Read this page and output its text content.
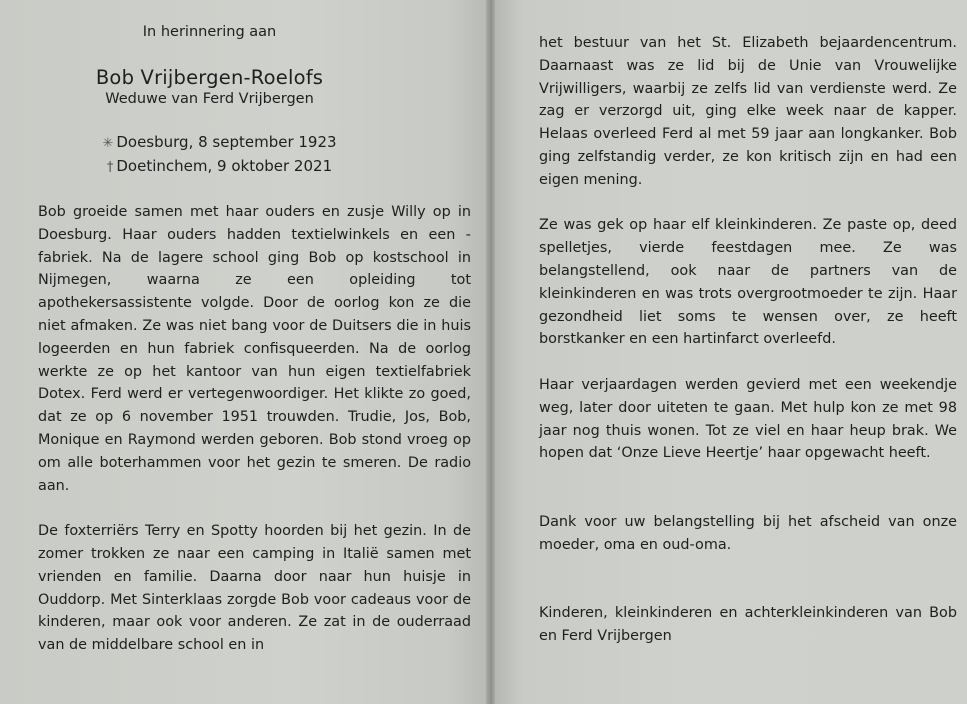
In herinnering aan
Bob Vrijbergen-Roelofs
Weduwe van Ferd Vrijbergen
✳ Doesburg, 8 september 1923
† Doetinchem, 9 oktober 2021

Bob groeide samen met haar ouders en zusje Willy op in Doesburg. Haar ouders hadden textielwinkels en een -fabriek. Na de lagere school ging Bob op kostschool in Nijmegen, waarna ze een opleiding tot apothekersassistente volgde. Door de oorlog kon ze die niet afmaken. Ze was niet bang voor de Duitsers die in huis logeerden en hun fabriek confisqueerden. Na de oorlog werkte ze op het kantoor van hun eigen textielfabriek Dotex. Ferd werd er vertegenwoordiger. Het klikte zo goed, dat ze op 6 november 1951 trouwden. Trudie, Jos, Bob, Monique en Raymond werden geboren. Bob stond vroeg op om alle boterhammen voor het gezin te smeren. De radio aan.

De foxterriërs Terry en Spotty hoorden bij het gezin. In de zomer trokken ze naar een camping in Italië samen met vrienden en familie. Daarna door naar hun huisje in Ouddorp. Met Sinterklaas zorgde Bob voor cadeaus voor de kinderen, maar ook voor anderen. Ze zat in de ouderraad van de middelbare school en in

het bestuur van het St. Elizabeth bejaardencentrum. Daarnaast was ze lid bij de Unie van Vrouwelijke Vrijwilligers, waarbij ze zelfs lid van verdienste werd. Ze zag er verzorgd uit, ging elke week naar de kapper. Helaas overleed Ferd al met 59 jaar aan longkanker. Bob ging zelfstandig verder, ze kon kritisch zijn en had een eigen mening.

Ze was gek op haar elf kleinkinderen. Ze paste op, deed spelletjes, vierde feestdagen mee. Ze was belangstellend, ook naar de partners van de kleinkinderen en was trots overgrootmoeder te zijn. Haar gezondheid liet soms te wensen over, ze heeft borstkanker en een hartinfarct overleefd.

Haar verjaardagen werden gevierd met een weekendje weg, later door uiteten te gaan. Met hulp kon ze met 98 jaar nog thuis wonen. Tot ze viel en haar heup brak. We hopen dat ‘Onze Lieve Heertje’ haar opgewacht heeft.

Dank voor uw belangstelling bij het afscheid van onze moeder, oma en oud-oma.

Kinderen, kleinkinderen en achterkleinkinderen van Bob en Ferd Vrijbergen
